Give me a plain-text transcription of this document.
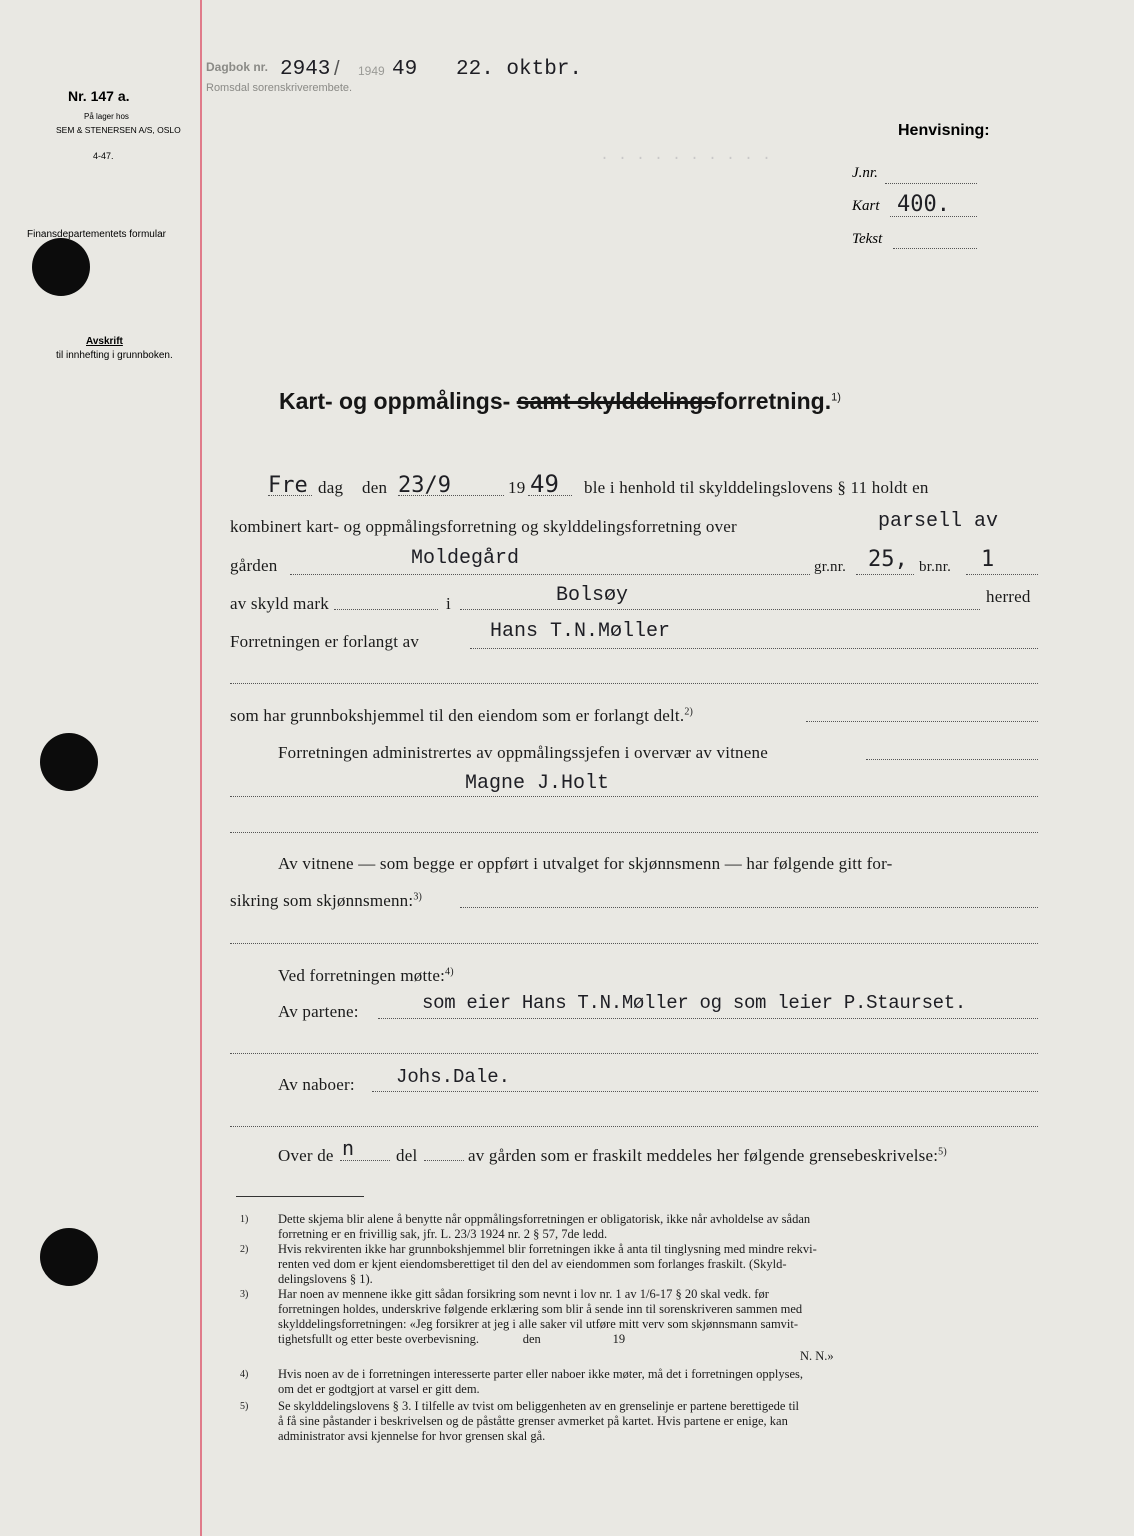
· · · · · · · · · ·
Nr. 147 a.
På lager hos
SEM & STENERSEN A/S, OSLO
4-47.
Finansdepartementets formular
Avskrift
til innhefting i grunnboken.
Dagbok nr.
Romsdal sorenskriverembete.
2943 / 1949 49 22. oktbr.
Henvisning:
J.nr.
Kart 400.
Tekst
Kart- og oppmålings- samt skylddelingsforretning.$^{1)}$
Fre dag den 23/9	19 49 ble i henhold til skylddelingslovens § 11 holdt en
kombinert kart- og oppmålingsforretning og skylddelingsforretning over	parsell av
gården	Moldegård	gr.nr. 25, br.nr. 1
av skyld mark	i	Bolsøy	herred
Forretningen er forlangt av	Hans T.N.Møller
som har grunnbokshjemmel til den eiendom som er forlangt delt.$^{2)}$
Forretningen administrertes av oppmålingssjefen i overvær av vitnene
Magne J.Holt
Av vitnene — som begge er oppført i utvalget for skjønnsmenn — har følgende gitt for-
sikring som skjønnsmenn:$^{3)}$
Ved forretningen møtte:$^{4)}$
Av partene:	som eier Hans T.N.Møller og som leier P.Staurset.
Av naboer: Johs.Dale.
Over de n del	av gården som er fraskilt meddeles her følgende grensebeskrivelse:$^{5)}$
1) Dette skjema blir alene å benytte når oppmålingsforretningen er obligatorisk, ikke når avholdelse av sådan
forretning er en frivillig sak, jfr. L. 23/3 1924 nr. 2 § 57, 7de ledd.
2) Hvis rekvirenten ikke har grunnbokshjemmel blir forretningen ikke å anta til tinglysning med mindre rekvi-
renten ved dom er kjent eiendomsberettiget til den del av eiendommen som forlanges fraskilt. (Skyld-
delingslovens § 1).
3) Har noen av mennene ikke gitt sådan forsikring som nevnt i lov nr. 1 av 1/6-17 § 20 skal vedk. før
forretningen holdes, underskrive følgende erklæring som blir å sende inn til sorenskriveren sammen med
skylddelingsforretningen: «Jeg forsikrer at jeg i alle saker vil utføre mitt verv som skjønnsmann samvit-
tighetsfullt og etter beste overbevisning.              den                       19
N. N.»
4) Hvis noen av de i forretningen interesserte parter eller naboer ikke møter, må det i forretningen opplyses,
om det er godtgjort at varsel er gitt dem.
5) Se skylddelingslovens § 3. I tilfelle av tvist om beliggenheten av en grenselinje er partene berettigede til
å få sine påstander i beskrivelsen og de påståtte grenser avmerket på kartet. Hvis partene er enige, kan
administrator avsi kjennelse for hvor grensen skal gå.
